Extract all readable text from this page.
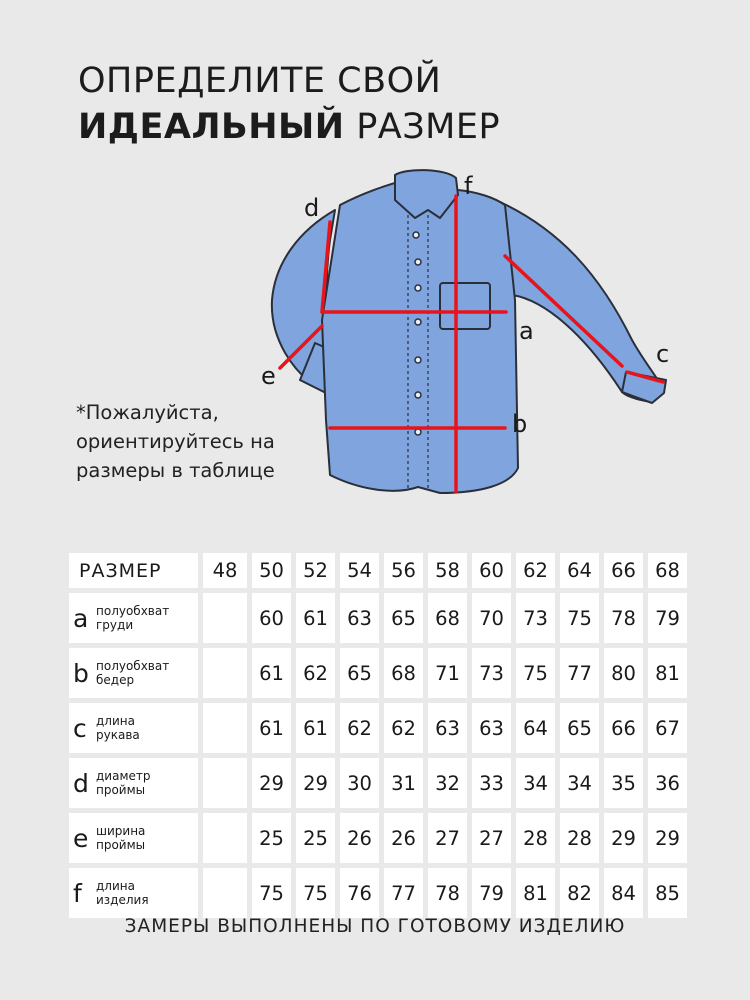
ОПРЕДЕЛИТЕ СВОЙ
ИДЕАЛЬНЫЙ РАЗМЕР
a
b
c
d
e
f
*Пожалуйста, ориентируйтесь на размеры в таблице
РАЗМЕР	48	50	52	54	56	58	60	62	64	66	68

a полуобхват
груди		60	61	63	65	68	70	73	75	78	79

b полуобхват
бедер		61	62	65	68	71	73	75	77	80	81

c длина
рукава		61	61	62	62	63	63	64	65	66	67

d диаметр
проймы		29	29	30	31	32	33	34	34	35	36

e ширина
проймы		25	25	26	26	27	27	28	28	29	29

f длина
изделия		75	75	76	77	78	79	81	82	84	85
ЗАМЕРЫ ВЫПОЛНЕНЫ ПО ГОТОВОМУ ИЗДЕЛИЮ
